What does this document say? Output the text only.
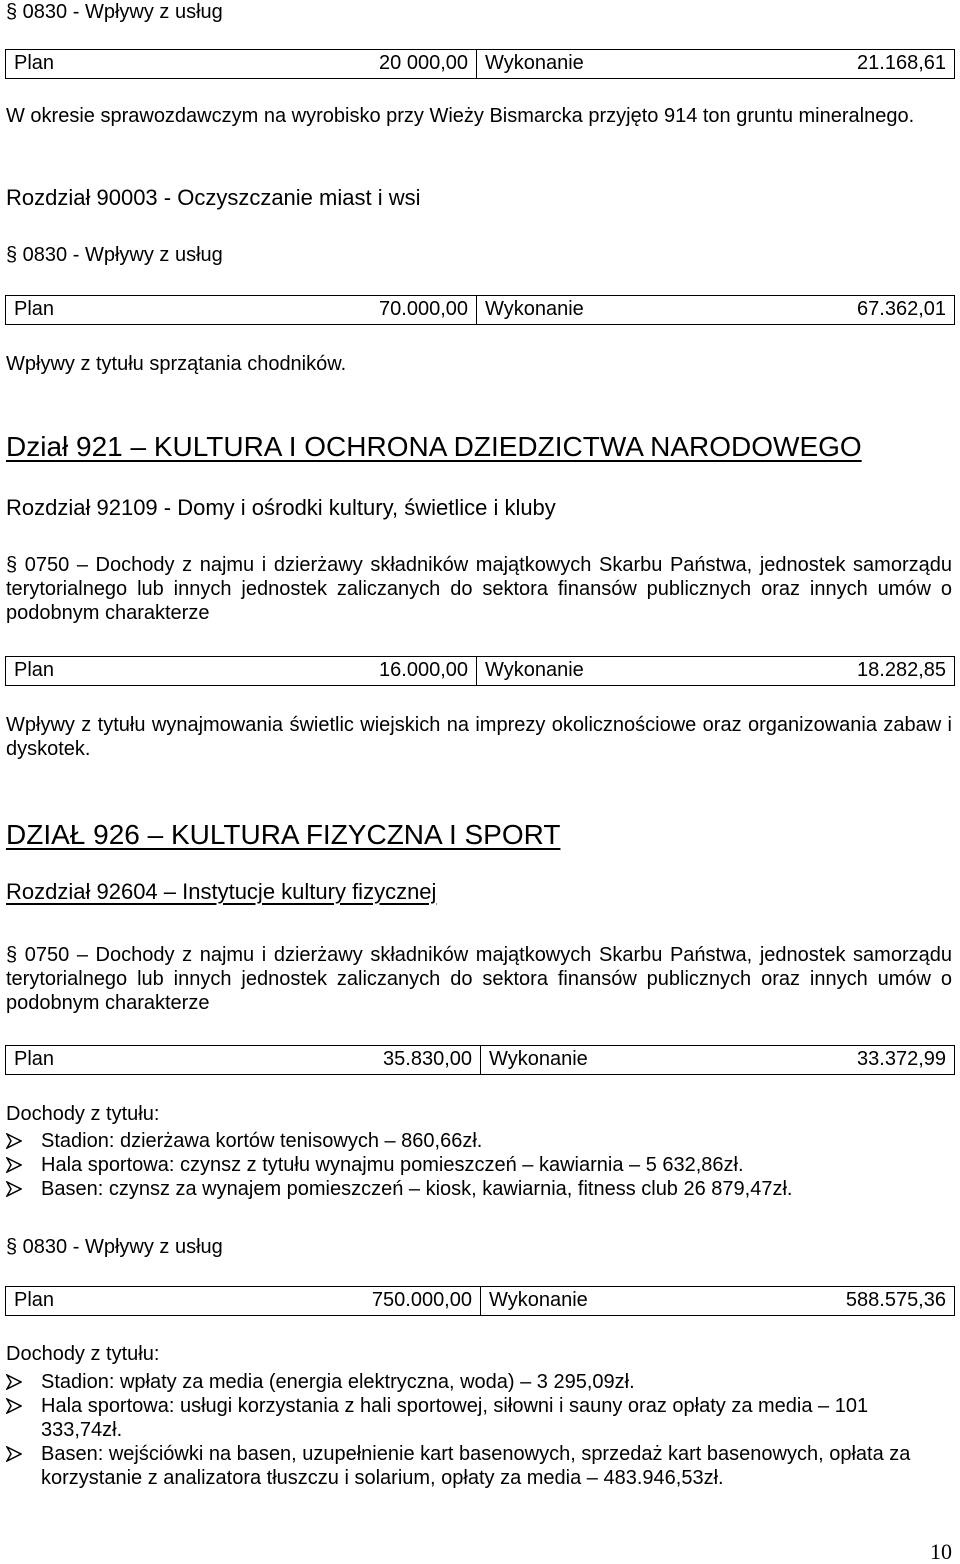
§ 0830 - Wpływy z usług
Plan	20 000,00 Wykonanie	21.168,61
W okresie sprawozdawczym na wyrobisko przy Wieży Bismarcka przyjęto 914 ton gruntu mineralnego.
Rozdział 90003 - Oczyszczanie miast i wsi
§ 0830 - Wpływy z usług
Plan	70.000,00 Wykonanie	67.362,01
Wpływy z tytułu sprzątania chodników.
Dział 921 – KULTURA I OCHRONA DZIEDZICTWA NARODOWEGO
Rozdział 92109 - Domy i ośrodki kultury, świetlice i kluby
§ 0750 – Dochody z najmu i dzierżawy składników majątkowych Skarbu Państwa, jednostek samorządu terytorialnego lub innych jednostek zaliczanych do sektora finansów publicznych oraz innych umów o podobnym charakterze
Plan	16.000,00 Wykonanie	18.282,85
Wpływy z tytułu wynajmowania świetlic wiejskich na imprezy okolicznościowe oraz organizowania zabaw i dyskotek.
DZIAŁ 926 – KULTURA FIZYCZNA I SPORT
Rozdział 92604 – Instytucje kultury fizycznej
§ 0750 – Dochody z najmu i dzierżawy składników majątkowych Skarbu Państwa, jednostek samorządu terytorialnego lub innych jednostek zaliczanych do sektora finansów publicznych oraz innych umów o podobnym charakterze
Plan	35.830,00 Wykonanie	33.372,99
Dochody z tytułu:
Stadion: dzierżawa kortów tenisowych – 860,66zł.
Hala sportowa: czynsz z tytułu wynajmu pomieszczeń – kawiarnia – 5 632,86zł.
Basen: czynsz za wynajem pomieszczeń – kiosk, kawiarnia, fitness club 26 879,47zł.
§ 0830 - Wpływy z usług
Plan	750.000,00 Wykonanie	588.575,36
Dochody z tytułu:
Stadion: wpłaty za media (energia elektryczna, woda) – 3 295,09zł.
Hala sportowa: usługi korzystania z hali sportowej, siłowni i sauny oraz opłaty za media – 101 333,74zł.
Basen: wejściówki na basen, uzupełnienie kart basenowych, sprzedaż kart basenowych, opłata za korzystanie z analizatora tłuszczu i solarium, opłaty za media – 483.946,53zł.
10
